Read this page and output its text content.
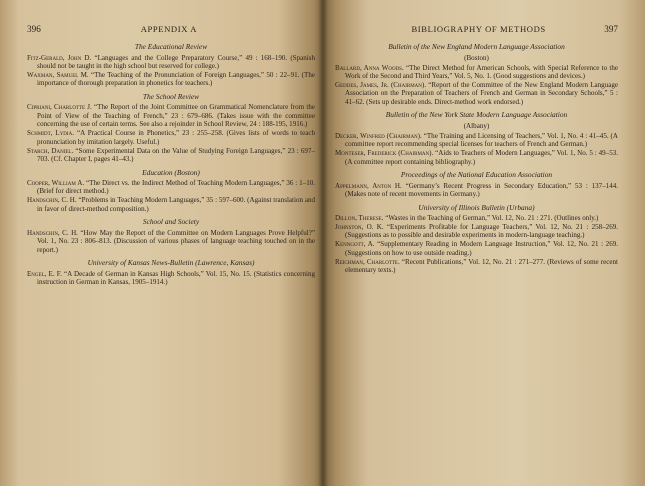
396	APPENDIX A
The Educational Review

Fitz-Gerald, John D. “Languages and the College Preparatory Course,” 49 : 168–190. (Spanish should not be taught in the high school but reserved for college.)

Waxman, Samuel M. “The Teaching of the Pronunciation of Foreign Languages,” 50 : 22–91. (The importance of thorough preparation in phonetics for teachers.)

The School Review

Cipriani, Charlotte J. “The Report of the Joint Committee on Grammatical Nomenclature from the Point of View of the Teaching of French,” 23 : 679–686. (Takes issue with the committee concerning the use of certain terms. See also a rejoinder in School Review, 24 : 188-195, 1916.)

Schmidt, Lydia. “A Practical Course in Phonetics,” 23 : 255–258. (Gives lists of words to teach pronunciation by imitation largely. Useful.)

Starch, Daniel. “Some Experimental Data on the Value of Studying Foreign Languages,” 23 : 697–703. (Cf. Chapter I, pages 41–43.)

Education (Boston)

Cooper, William A. “The Direct vs. the Indirect Method of Teaching Modern Languages,” 36 : 1–10. (Brief for direct method.)

Handschin, C. H. “Problems in Teaching Modern Languages,” 35 : 597–600. (Against translation and in favor of direct-method composition.)

School and Society

Handschin, C. H. “How May the Report of the Committee on Modern Languages Prove Helpful?” Vol. 1, No. 23 : 806–813. (Discussion of various phases of language teaching touched on in the report.)

University of Kansas News-Bulletin (Lawrence, Kansas)

Engel, E. F. “A Decade of German in Kansas High Schools,” Vol. 15, No. 15. (Statistics concerning instruction in German in Kansas, 1905–1914.)

BIBLIOGRAPHY OF METHODS	397
Bulletin of the New England Modern Language Association
(Boston)

Ballard, Anna Woods. “The Direct Method for American Schools, with Special Reference to the Work of the Second and Third Years,” Vol. 5, No. 1. (Good suggestions and devices.)

Geddes, James, Jr. (Chairman). “Report of the Committee of the New England Modern Language Association on the Preparation of Teachers of French and German in Secondary Schools,” 5 : 41–62. (Sets up desirable ends. Direct-method work endorsed.)

Bulletin of the New York State Modern Language Association
(Albany)

Decker, Winfred (Chairman). “The Training and Licensing of Teachers,” Vol. 1, No. 4 : 41–45. (A committee report recommending special licenses for teachers of French and German.)

Monteser, Frederick (Chairman). “Aids to Teachers of Modern Languages,” Vol. 1, No. 5 : 49–53. (A committee report containing bibliography.)

Proceedings of the National Education Association

Appelmann, Anton H. “Germany’s Recent Progress in Secondary Education,” 53 : 137–144. (Makes note of recent movements in Germany.)

University of Illinois Bulletin (Urbana)

Dillon, Therese. “Wastes in the Teaching of German,” Vol. 12, No. 21 : 271. (Outlines only.)

Johnston, O. K. “Experiments Profitable for Language Teachers,” Vol. 12, No. 21 : 258–269. (Suggestions as to possible and desirable experiments in modern-language teaching.)

Kenngott, A. “Supplementary Reading in Modern Language Instruction,” Vol. 12, No. 21 : 269. (Suggestions on how to use outside reading.)

Reichman, Charlotte. “Recent Publications,” Vol. 12, No. 21 : 271–277. (Reviews of some recent elementary texts.)
